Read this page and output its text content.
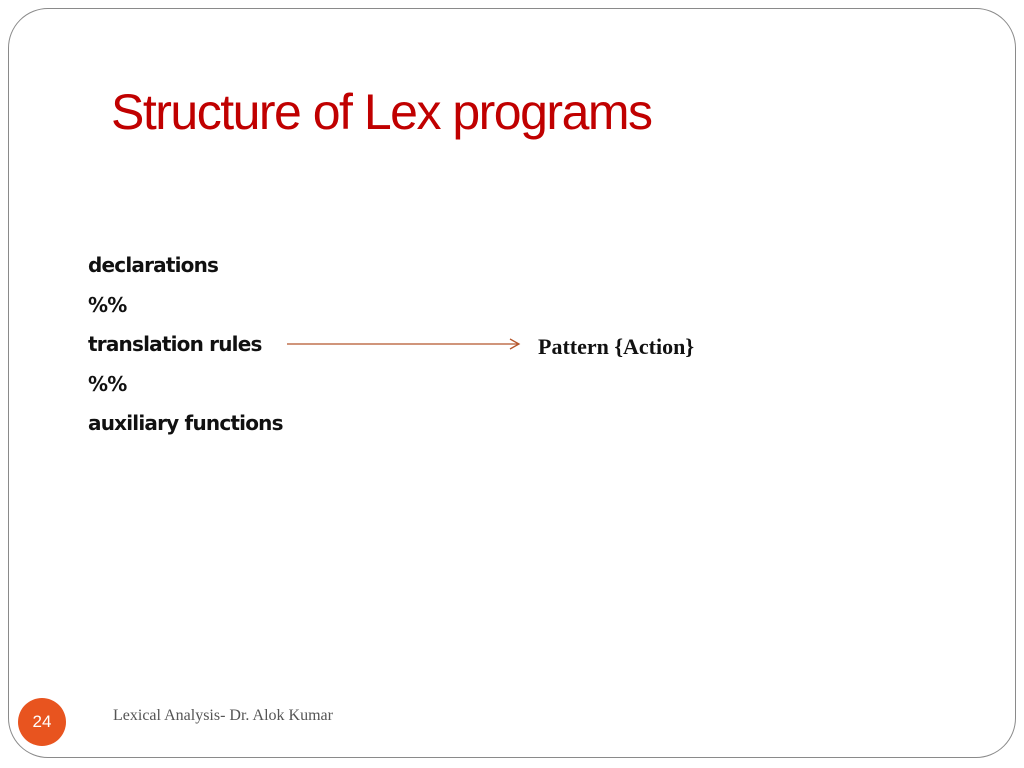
Structure of Lex programs
declarations
%%
translation rules
%%
auxiliary functions
Pattern {Action}
24	Lexical Analysis- Dr. Alok Kumar
